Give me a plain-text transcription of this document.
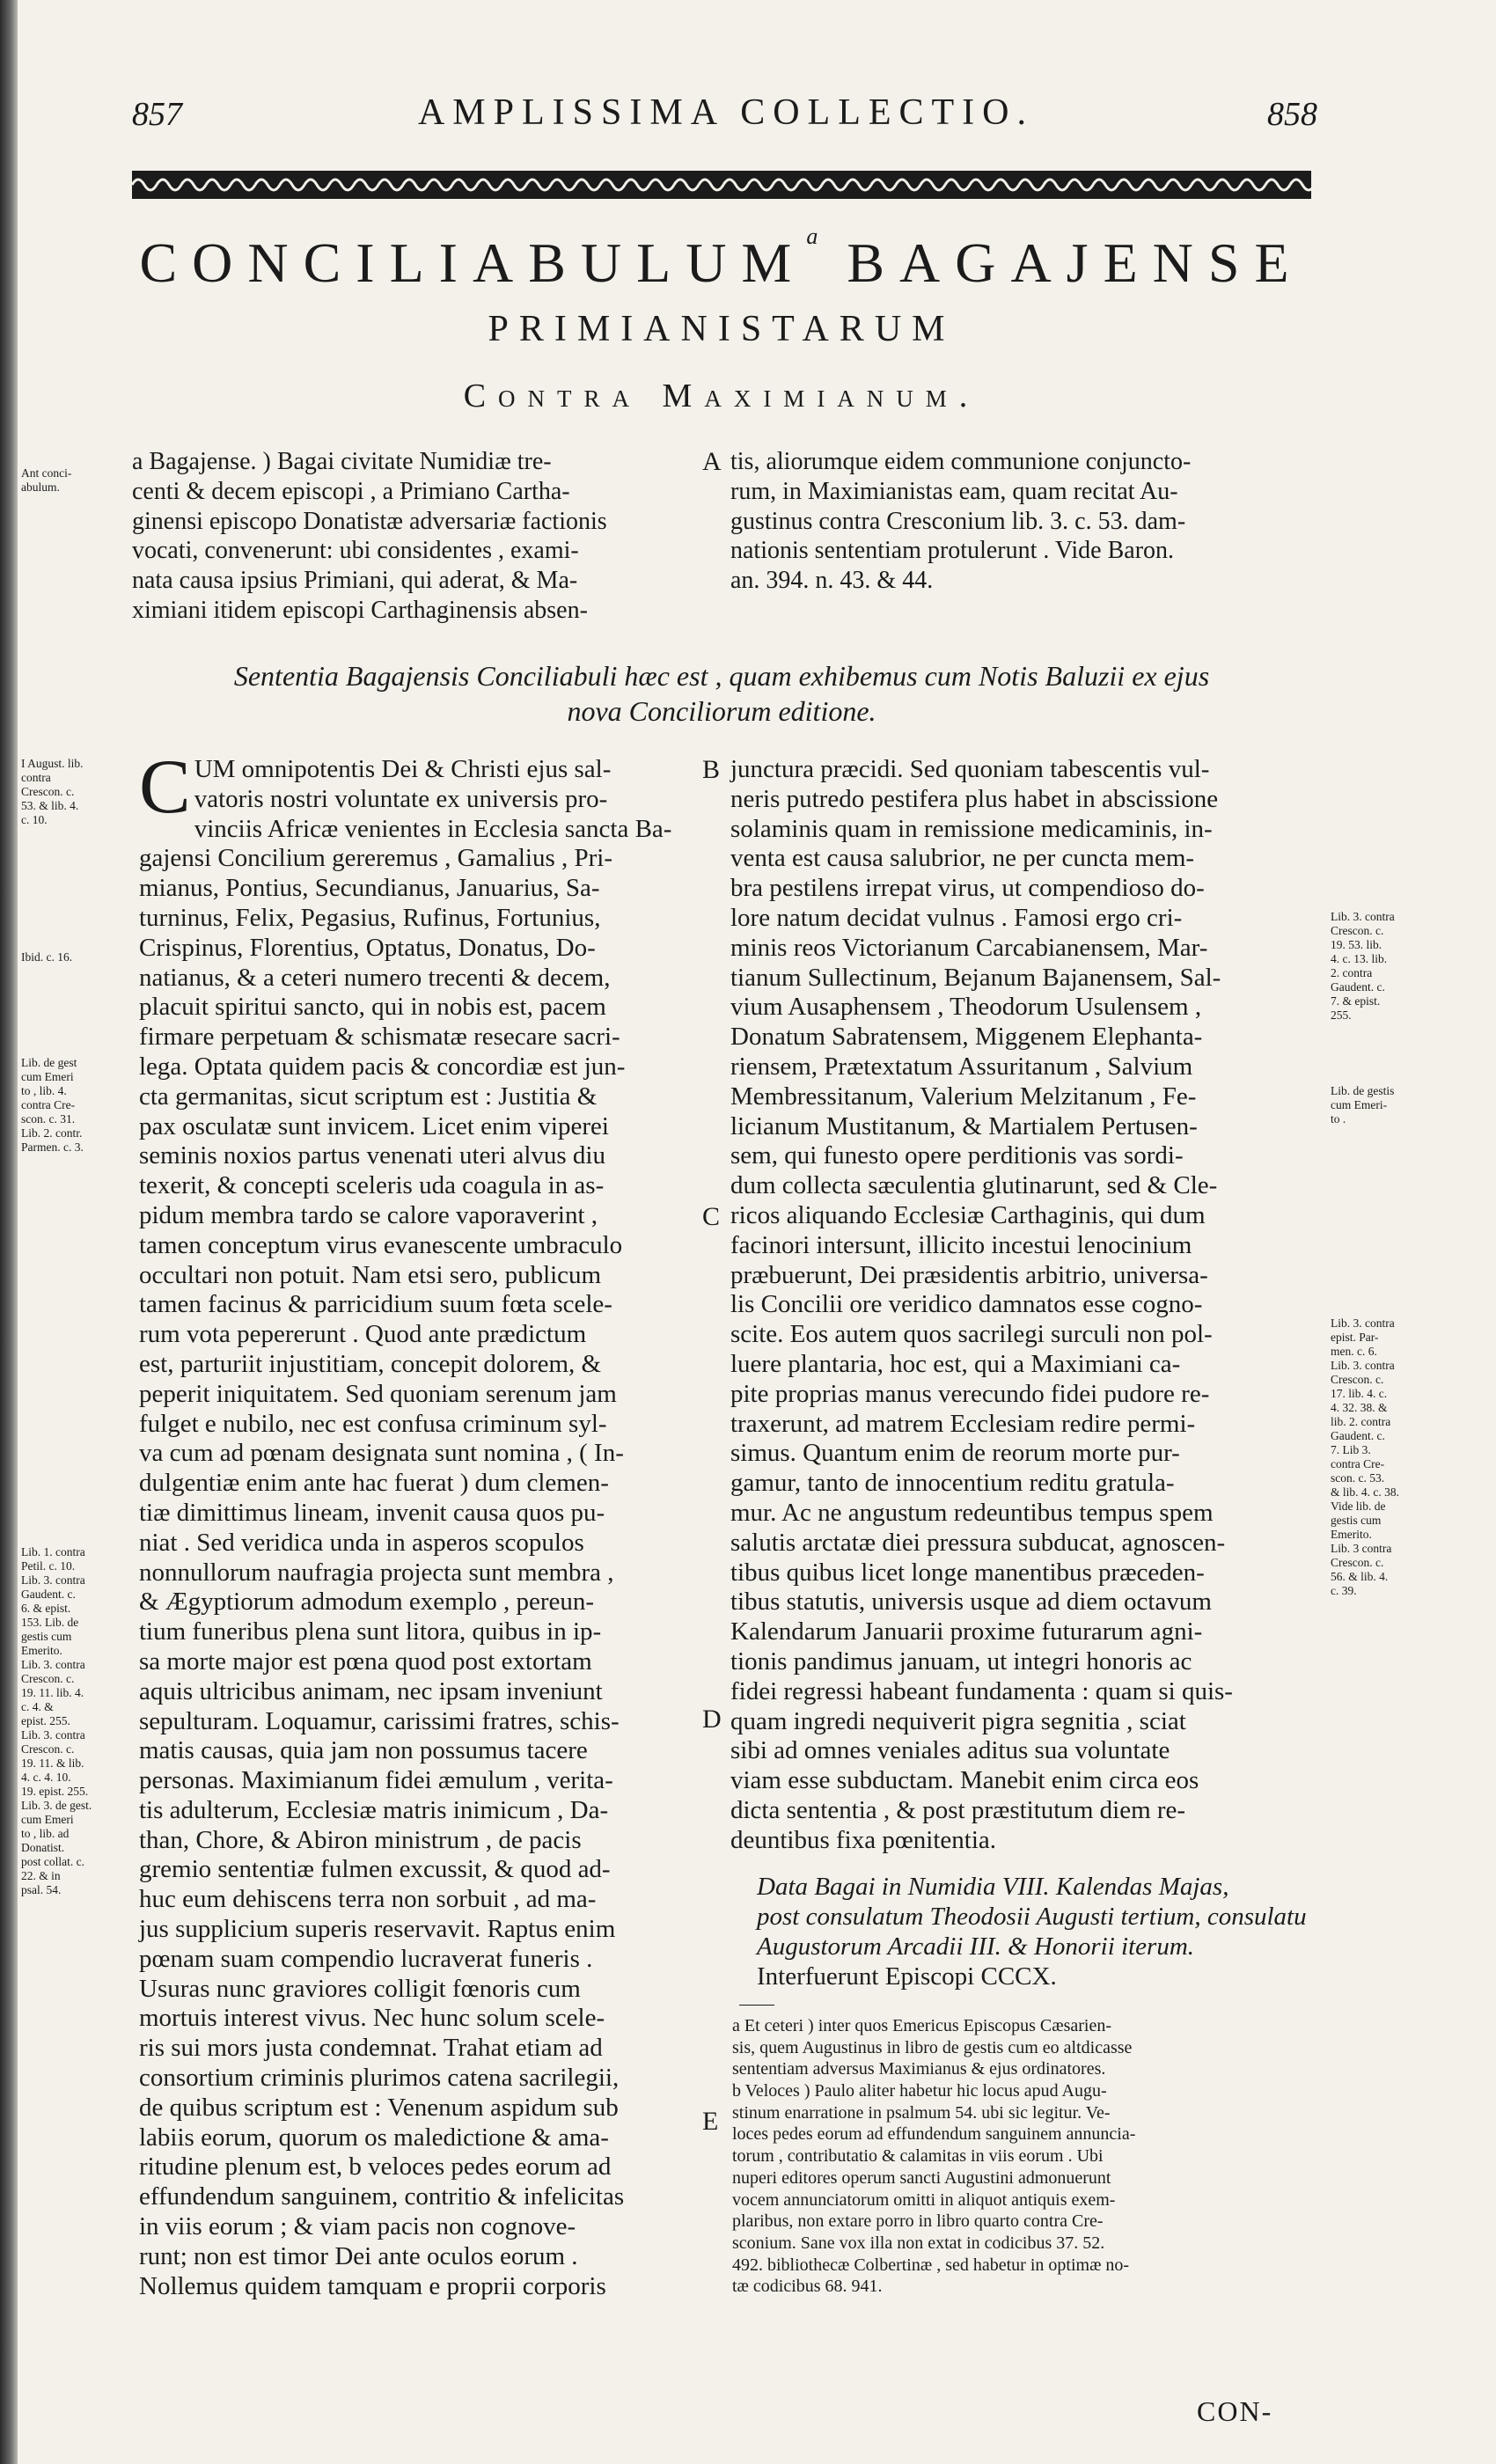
857	AMPLISSIMA COLLECTIO.	858
CONCILIABULUM$^a$ BAGAJENSE
PRIMIANISTARUM
Contra Maximianum.
a Bagajense. ) Bagai civitate Numidiæ tre-
centi & decem episcopi , a Primiano Cartha-
ginensi episcopo Donatistæ adversariæ factionis
vocati, convenerunt: ubi considentes , exami-
nata causa ipsius Primiani, qui aderat, & Ma-
ximiani itidem episcopi Carthaginensis absen-
A tis, aliorumque eidem communione conjuncto-
rum, in Maximianistas eam, quam recitat Au-
gustinus contra Cresconium lib. 3. c. 53. dam-
nationis sententiam protulerunt . Vide Baron.
an. 394. n. 43. & 44.
Sententia Bagajensis Conciliabuli hæc est , quam exhibemus cum Notis Baluzii ex ejus
nova Conciliorum editione.
C UM omnipotentis Dei & Christi ejus sal-
vatoris nostri voluntate ex universis pro-
vinciis Africæ venientes in Ecclesia sancta Ba-
gajensi Concilium gereremus , Gamalius , Pri-
mianus, Pontius, Secundianus, Januarius, Sa-
turninus, Felix, Pegasius, Rufinus, Fortunius,
Crispinus, Florentius, Optatus, Donatus, Do-
natianus, & a ceteri numero trecenti & decem,
placuit spiritui sancto, qui in nobis est, pacem
firmare perpetuam & schismatæ resecare sacri-
lega. Optata quidem pacis & concordiæ est jun-
cta germanitas, sicut scriptum est : Justitia &
pax osculatæ sunt invicem. Licet enim viperei
seminis noxios partus venenati uteri alvus diu
texerit, & concepti sceleris uda coagula in as-
pidum membra tardo se calore vaporaverint ,
tamen conceptum virus evanescente umbraculo
occultari non potuit. Nam etsi sero, publicum
tamen facinus & parricidium suum fœta scele-
rum vota pepererunt . Quod ante prædictum
est, parturiit injustitiam, concepit dolorem, &
peperit iniquitatem. Sed quoniam serenum jam
fulget e nubilo, nec est confusa criminum syl-
va cum ad pœnam designata sunt nomina , ( In-
dulgentiæ enim ante hac fuerat ) dum clemen-
tiæ dimittimus lineam, invenit causa quos pu-
niat . Sed veridica unda in asperos scopulos
nonnullorum naufragia projecta sunt membra ,
& Ægyptiorum admodum exemplo , pereun-
tium funeribus plena sunt litora, quibus in ip-
sa morte major est pœna quod post extortam
aquis ultricibus animam, nec ipsam inveniunt
sepulturam. Loquamur, carissimi fratres, schis-
matis causas, quia jam non possumus tacere
personas. Maximianum fidei æmulum , verita-
tis adulterum, Ecclesiæ matris inimicum , Da-
than, Chore, & Abiron ministrum , de pacis
gremio sententiæ fulmen excussit, & quod ad-
huc eum dehiscens terra non sorbuit , ad ma-
jus supplicium superis reservavit. Raptus enim
pœnam suam compendio lucraverat funeris .
Usuras nunc graviores colligit fœnoris cum
mortuis interest vivus. Nec hunc solum scele-
ris sui mors justa condemnat. Trahat etiam ad
consortium criminis plurimos catena sacrilegii,
de quibus scriptum est : Venenum aspidum sub
labiis eorum, quorum os maledictione & ama-
ritudine plenum est, b veloces pedes eorum ad
effundendum sanguinem, contritio & infelicitas
in viis eorum ; & viam pacis non cognove-
runt; non est timor Dei ante oculos eorum .
Nollemus quidem tamquam e proprii corporis
B
C
D
E
junctura præcidi. Sed quoniam tabescentis vul-
neris putredo pestifera plus habet in abscissione
solaminis quam in remissione medicaminis, in-
venta est causa salubrior, ne per cuncta mem-
bra pestilens irrepat virus, ut compendioso do-
lore natum decidat vulnus . Famosi ergo cri-
minis reos Victorianum Carcabianensem, Mar-
tianum Sullectinum, Bejanum Bajanensem, Sal-
vium Ausaphensem , Theodorum Usulensem ,
Donatum Sabratensem, Miggenem Elephanta-
riensem, Prætextatum Assuritanum , Salvium
Membressitanum, Valerium Melzitanum , Fe-
licianum Mustitanum, & Martialem Pertusen-
sem, qui funesto opere perditionis vas sordi-
dum collecta sæculentia glutinarunt, sed & Cle-
ricos aliquando Ecclesiæ Carthaginis, qui dum
facinori intersunt, illicito incestui lenocinium
præbuerunt, Dei præsidentis arbitrio, universa-
lis Concilii ore veridico damnatos esse cogno-
scite. Eos autem quos sacrilegi surculi non pol-
luere plantaria, hoc est, qui a Maximiani ca-
pite proprias manus verecundo fidei pudore re-
traxerunt, ad matrem Ecclesiam redire permi-
simus. Quantum enim de reorum morte pur-
gamur, tanto de innocentium reditu gratula-
mur. Ac ne angustum redeuntibus tempus spem
salutis arctatæ diei pressura subducat, agnoscen-
tibus quibus licet longe manentibus præceden-
tibus statutis, universis usque ad diem octavum
Kalendarum Januarii proxime futurarum agni-
tionis pandimus januam, ut integri honoris ac
fidei regressi habeant fundamenta : quam si quis-
quam ingredi nequiverit pigra segnitia , sciat
sibi ad omnes veniales aditus sua voluntate
viam esse subductam. Manebit enim circa eos
dicta sententia , & post præstitutum diem re-
deuntibus fixa pœnitentia.
Data Bagai in Numidia VIII. Kalendas Majas,
post consulatum Theodosii Augusti tertium, consulatu
Augustorum Arcadii III. & Honorii iterum.
Interfuerunt Episcopi CCCX.
a Et ceteri ) inter quos Emericus Episcopus Cæsarien-
sis, quem Augustinus in libro de gestis cum eo altdicasse
sententiam adversus Maximianus & ejus ordinatores.
b Veloces ) Paulo aliter habetur hic locus apud Augu-
stinum enarratione in psalmum 54. ubi sic legitur. Ve-
loces pedes eorum ad effundendum sanguinem annuncia-
torum , contributatio & calamitas in viis eorum . Ubi
nuperi editores operum sancti Augustini admonuerunt
vocem annunciatorum omitti in aliquot antiquis exem-
plaribus, non extare porro in libro quarto contra Cre-
sconium. Sane vox illa non extat in codicibus 37. 52.
492. bibliothecæ Colbertinæ , sed habetur in optimæ no-
tæ codicibus 68. 941.
CON-
Ant conci-
abulum.
I August. lib.
contra
Crescon. c.
53. & lib. 4.
c. 10.
Ibid. c. 16.
Lib. de gest
cum Emeri
to , lib. 4.
contra Cre-
scon. c. 31.
Lib. 2. contr.
Parmen. c. 3.
Lib. 1. contra
Petil. c. 10.
Lib. 3. contra
Gaudent. c.
6. & epist.
153. Lib. de
gestis cum
Emerito.
Lib. 3. contra
Crescon. c.
19. 11. lib. 4.
c. 4. &
epist. 255.
Lib. 3. contra
Crescon. c.
19. 11. & lib.
4. c. 4. 10.
19. epist. 255.
Lib. 3. de gest.
cum Emeri
to , lib. ad
Donatist.
post collat. c.
22. & in
psal. 54.
Lib. 3. contra
Crescon. c.
19. 53. lib.
4. c. 13. lib.
2. contra
Gaudent. c.
7. & epist.
255.
Lib. de gestis
cum Emeri-
to .
Lib. 3. contra
epist. Par-
men. c. 6.
Lib. 3. contra
Crescon. c.
17. lib. 4. c.
4. 32. 38. &
lib. 2. contra
Gaudent. c.
7. Lib 3.
contra Cre-
scon. c. 53.
& lib. 4. c. 38.
Vide lib. de
gestis cum
Emerito.
Lib. 3 contra
Crescon. c.
56. & lib. 4.
c. 39.
